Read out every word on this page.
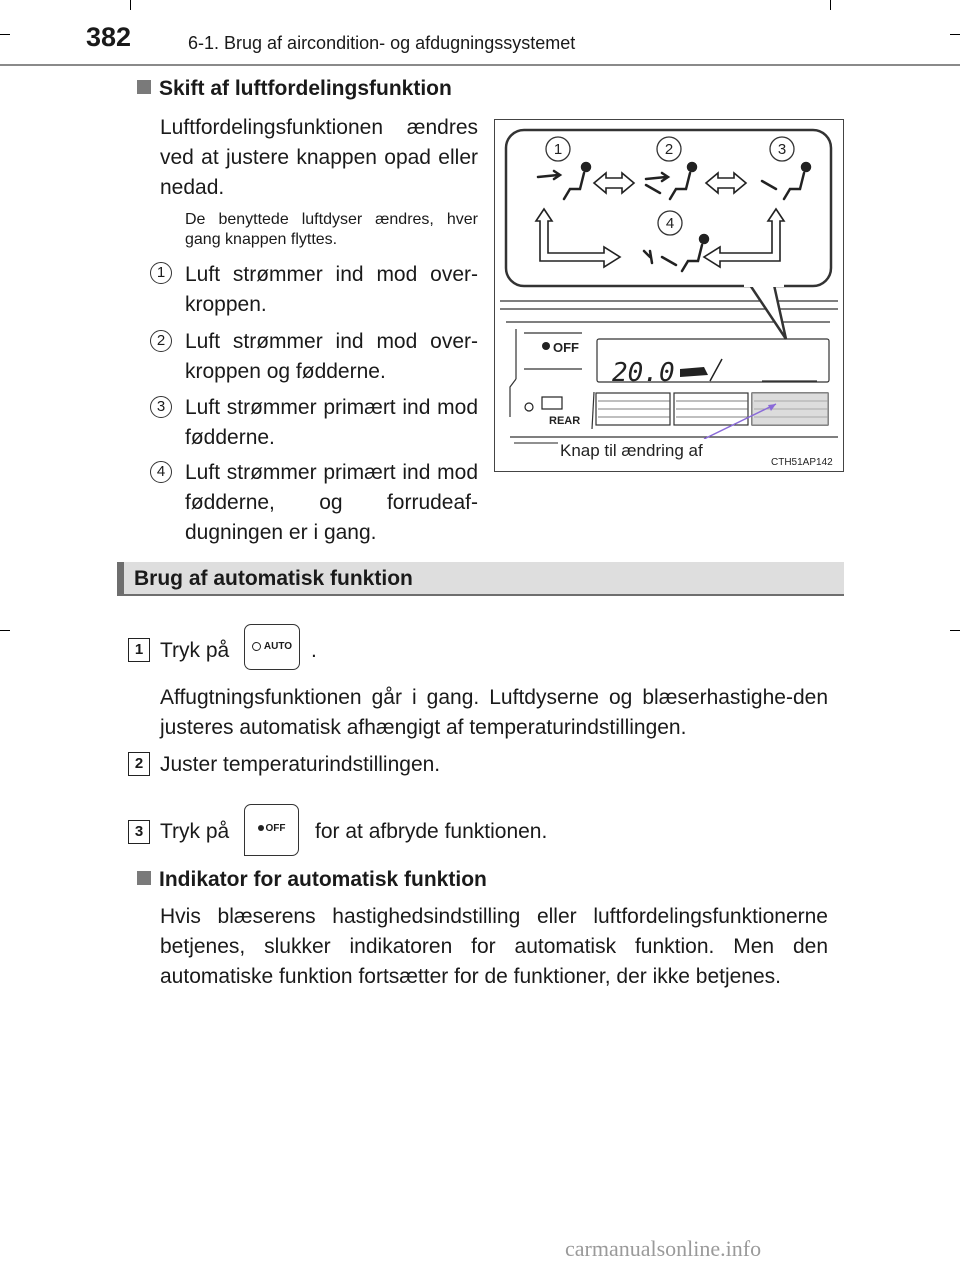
382	6-1. Brug af aircondition- og afdugningssystemet
Skift af luftfordelingsfunktion
Luftfordelingsfunktionen ændres ved at justere knappen opad eller nedad.
De benyttede luftdyser ændres, hver gang knappen flyttes.
1 Luft strømmer ind mod over-kroppen.
2 Luft strømmer ind mod over-kroppen og fødderne.
3 Luft strømmer primært ind mod fødderne.
4 Luft strømmer primært ind mod fødderne, og forrudeaf-dugningen er i gang.
OFF
REAR
20.0
1	2	3
4
Knap til ændring af
CTH51AP142
Brug af automatisk funktion
1 Tryk på	AUTO .
Affugtningsfunktionen går i gang. Luftdyserne og blæserhastighe-den justeres automatisk afhængigt af temperaturindstillingen.
2 Juster temperaturindstillingen.
3 Tryk på	OFF	for at afbryde funktionen.
Indikator for automatisk funktion
Hvis blæserens hastighedsindstilling eller luftfordelingsfunktionerne betjenes, slukker indikatoren for automatisk funktion. Men den automatiske funktion fortsætter for de funktioner, der ikke betjenes.
carmanualsonline.info
